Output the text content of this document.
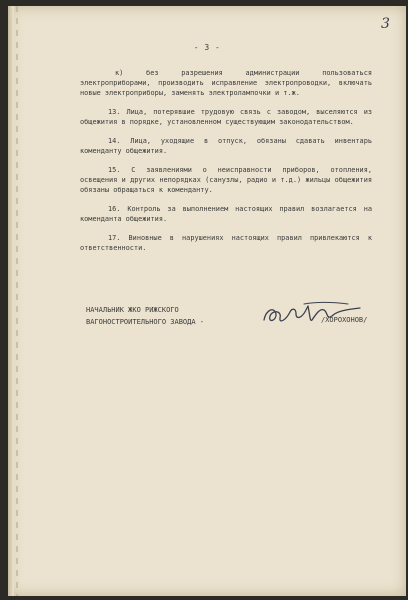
3
- 3 -

к) без разрешения администрации пользоваться электроприборами, производить исправление электропроводки, включать новые электроприборы, заменять электролампочки и т.ж.

13. Лица, потерявшие трудовую связь с заводом, выселяются из общежития в порядке, установленном существующим законодательством.

14. Лица, уходящие в отпуск, обязаны сдавать инвентарь коменданту общежития.

15. С заявлениями о неисправности приборов, отопления, освещения и других непорядках (санузлы, радио и т.д.) жильцы общежития обязаны обращаться к коменданту.

16. Контроль за выполнением настоящих правил возлагается на коменданта общежития.

17. Виновные в нарушениях настоящих правил привлекаются к ответственности.

НАЧАЛЬНИК ЖКО РИЖСКОГО
ВАГОНОСТРОИТЕЛЬНОГО ЗАВОДА -	/ХОРОХОНОВ/
